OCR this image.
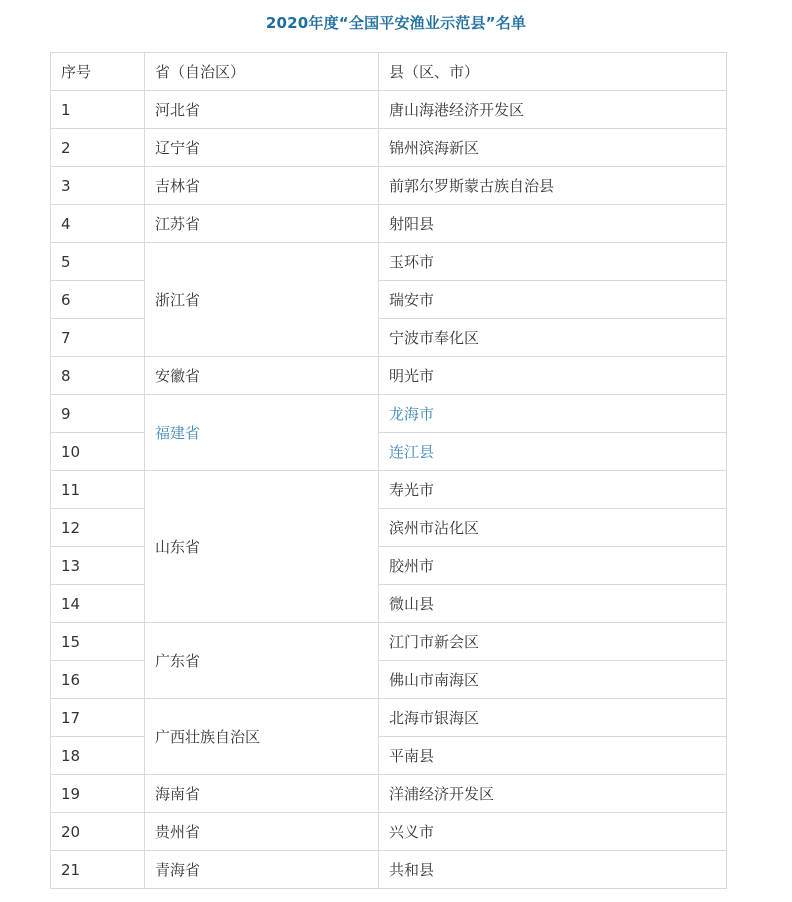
2020年度“全国平安渔业示范县”名单
序号	省（自治区）	县（区、市）
1	河北省	唐山海港经济开发区
2	辽宁省	锦州滨海新区
3	吉林省	前郭尔罗斯蒙古族自治县
4	江苏省	射阳县
5	浙江省	玉环市
6		瑞安市
7		宁波市奉化区
8	安徽省	明光市
9	福建省	龙海市
10		连江县
11	山东省	寿光市
12		滨州市沾化区
13		胶州市
14		微山县
15	广东省	江门市新会区
16		佛山市南海区
17	广西壮族自治区	北海市银海区
18		平南县
19	海南省	洋浦经济开发区
20	贵州省	兴义市
21	青海省	共和县
